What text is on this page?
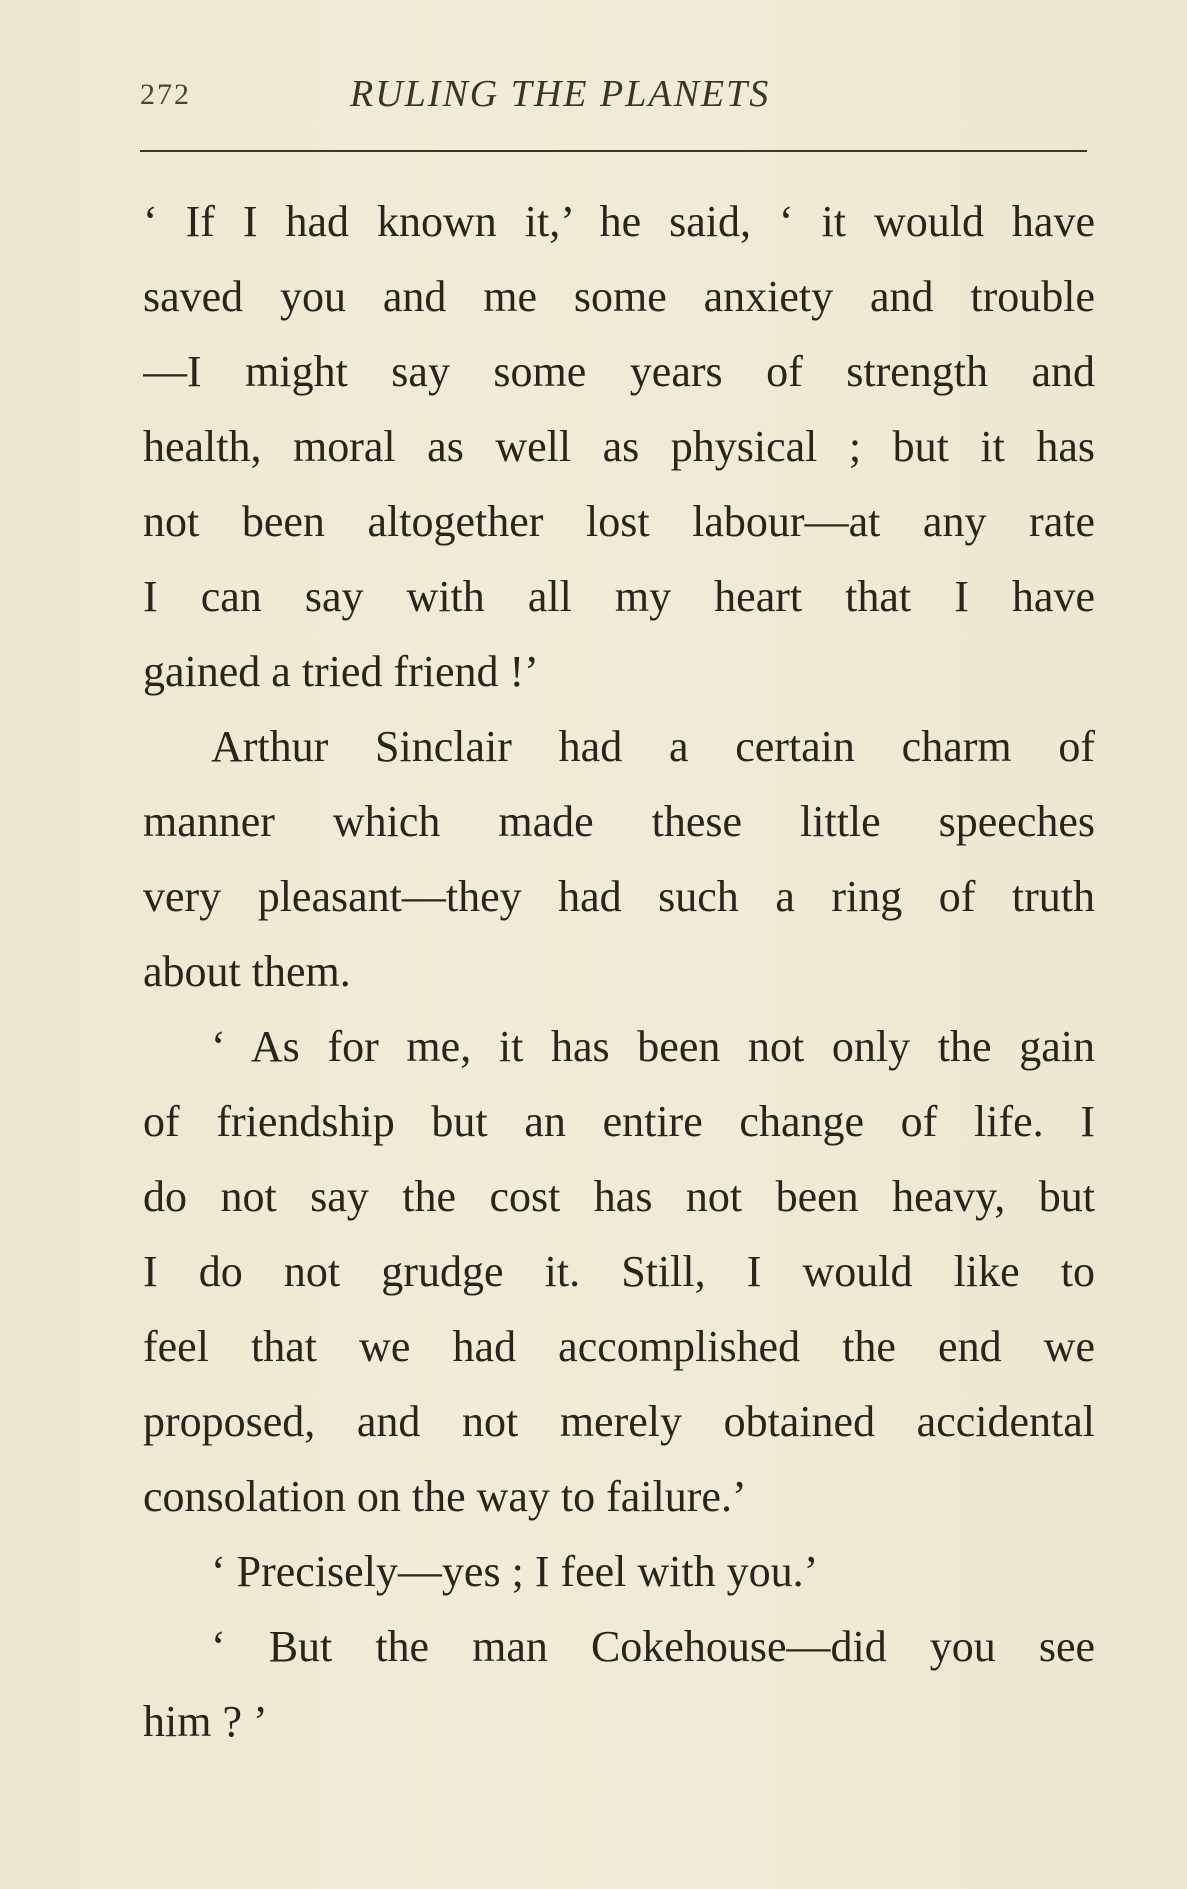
272	RULING THE PLANETS
‘ If I had known it,’ he said, ‘ it would have
saved you and me some anxiety and trouble
—I might say some years of strength and
health, moral as well as physical ; but it has
not been altogether lost labour—at any rate
I can say with all my heart that I have
gained a tried friend !’
Arthur Sinclair had a certain charm of
manner which made these little speeches
very pleasant—they had such a ring of truth
about them.
‘ As for me, it has been not only the gain
of friendship but an entire change of life. I
do not say the cost has not been heavy, but
I do not grudge it. Still, I would like to
feel that we had accomplished the end we
proposed, and not merely obtained accidental
consolation on the way to failure.’
‘ Precisely—yes ; I feel with you.’
‘ But the man Cokehouse—did you see
him ? ’
